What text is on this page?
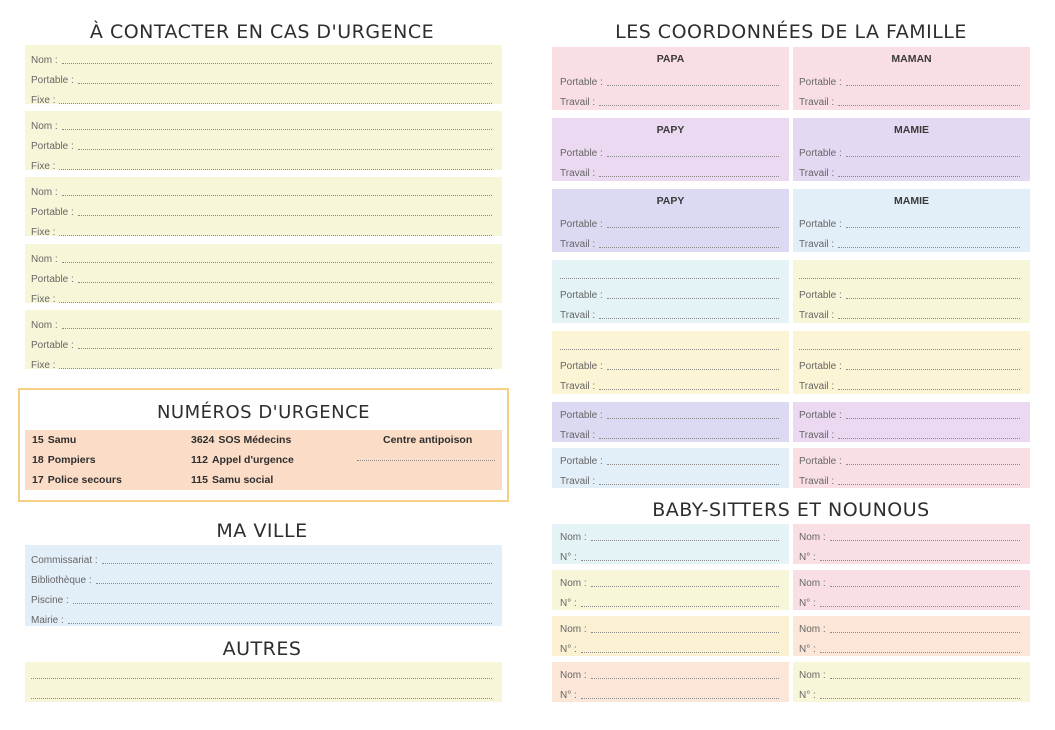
À CONTACTER EN CAS D'URGENCE
Nom :
Portable :
Fixe :
Nom :
Portable :
Fixe :
Nom :
Portable :
Fixe :
Nom :
Portable :
Fixe :
Nom :
Portable :
Fixe :
NUMÉROS D'URGENCE
15 Samu
18 Pompiers
17 Police secours
3624 SOS Médecins
112 Appel d'urgence
115 Samu social
Centre antipoison
MA VILLE
Commissariat :
Bibliothèque :
Piscine :
Mairie :
AUTRES
LES COORDONNÉES DE LA FAMILLE
PAPA
Portable :
Travail :
MAMAN
Portable :
Travail :
PAPY
Portable :
Travail :
MAMIE
Portable :
Travail :
PAPY
Portable :
Travail :
MAMIE
Portable :
Travail :
Portable :
Travail :
Portable :
Travail :
Portable :
Travail :
Portable :
Travail :
Portable :
Travail :
Portable :
Travail :
Portable :
Travail :
Portable :
Travail :
BABY-SITTERS ET NOUNOUS
Nom :
N° :
Nom :
N° :
Nom :
N° :
Nom :
N° :
Nom :
N° :
Nom :
N° :
Nom :
N° :
Nom :
N° :
